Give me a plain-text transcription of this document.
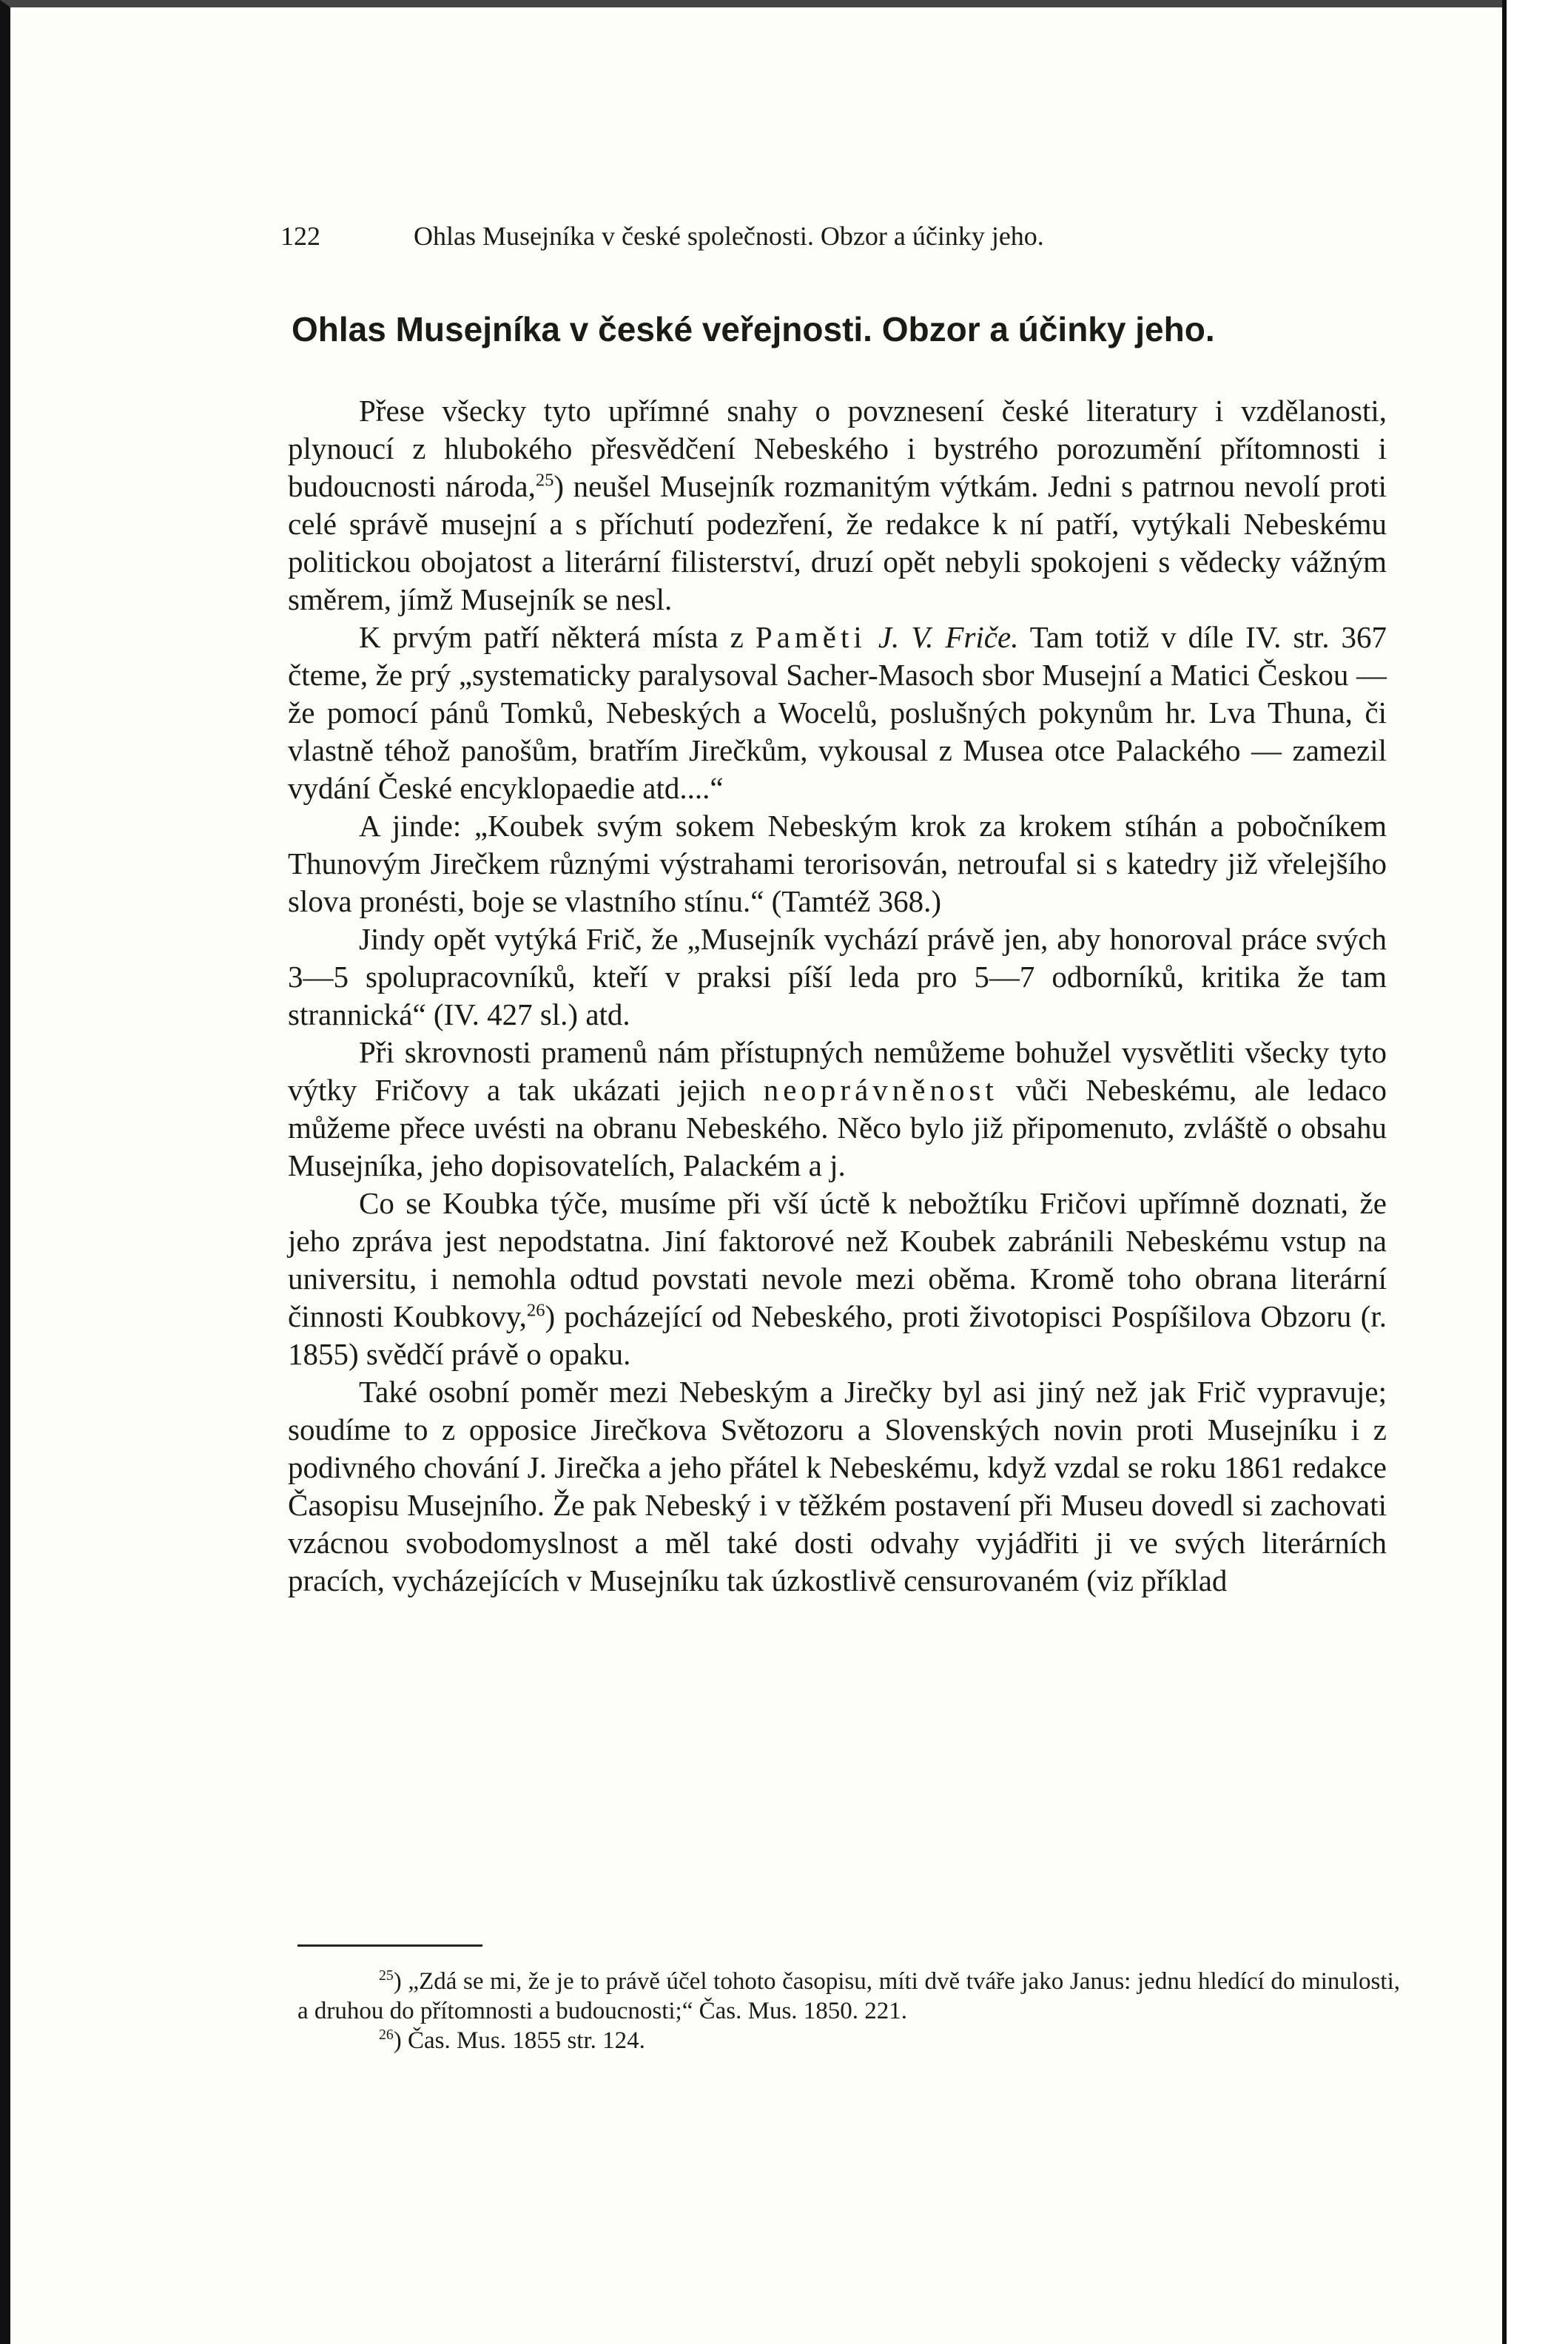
122	Ohlas Musejníka v české společnosti. Obzor a účinky jeho.
Ohlas Musejníka v české veřejnosti. Obzor a účinky jeho.

Přese všecky tyto upřímné snahy o povznesení české literatury i vzdělanosti, plynoucí z hlubokého přesvědčení Nebeského i bystrého porozumění přítomnosti i budoucnosti národa,$^{25}$) neušel Musejník rozmanitým výtkám. Jedni s patrnou nevolí proti celé správě musejní a s příchutí podezření, že redakce k ní patří, vytýkali Nebeskému politickou obojatost a literární filisterství, druzí opět nebyli spokojeni s vědecky vážným směrem, jímž Musejník se nesl.

K prvým patří některá místa z Paměti J. V. Friče. Tam totiž v díle IV. str. 367 čteme, že prý „systematicky paralysoval Sacher-Masoch sbor Musejní a Matici Českou — že pomocí pánů Tomků, Nebeských a Wocelů, poslušných pokynům hr. Lva Thuna, či vlastně téhož panošům, bratřím Jirečkům, vykousal z Musea otce Palackého — zamezil vydání České encyklopaedie atd....“

A jinde: „Koubek svým sokem Nebeským krok za krokem stíhán a pobočníkem Thunovým Jirečkem různými výstrahami terorisován, netroufal si s katedry již vřelejšího slova pronésti, boje se vlastního stínu.“ (Tamtéž 368.)

Jindy opět vytýká Frič, že „Musejník vychází právě jen, aby honoroval práce svých 3—5 spolupracovníků, kteří v praksi píší leda pro 5—7 odborníků, kritika že tam strannická“ (IV. 427 sl.) atd.

Při skrovnosti pramenů nám přístupných nemůžeme bohužel vysvětliti všecky tyto výtky Fričovy a tak ukázati jejich neoprávněnost vůči Nebeskému, ale ledaco můžeme přece uvésti na obranu Nebeského. Něco bylo již připomenuto, zvláště o obsahu Musejníka, jeho dopisovatelích, Palackém a j.

Co se Koubka týče, musíme při vší úctě k nebožtíku Fričovi upřímně doznati, že jeho zpráva jest nepodstatna. Jiní faktorové než Koubek zabránili Nebeskému vstup na universitu, i nemohla odtud povstati nevole mezi oběma. Kromě toho obrana literární činnosti Koubkovy,$^{26}$) pocházející od Nebeského, proti životopisci Pospíšilova Obzoru (r. 1855) svědčí právě o opaku.

Také osobní poměr mezi Nebeským a Jirečky byl asi jiný než jak Frič vypravuje; soudíme to z opposice Jirečkova Světozoru a Slovenských novin proti Musejníku i z podivného chování J. Jirečka a jeho přátel k Nebeskému, když vzdal se roku 1861 redakce Časopisu Musejního. Že pak Nebeský i v těžkém postavení při Museu dovedl si zachovati vzácnou svobodomyslnost a měl také dosti odvahy vyjádřiti ji ve svých literárních pracích, vycházejících v Musejníku tak úzkostlivě censurovaném (viz příklad

$^{25}$) „Zdá se mi, že je to právě účel tohoto časopisu, míti dvě tváře jako Janus: jednu hledící do minulosti, a druhou do přítomnosti a budoucnosti;“ Čas. Mus. 1850. 221.

$^{26}$) Čas. Mus. 1855 str. 124.
